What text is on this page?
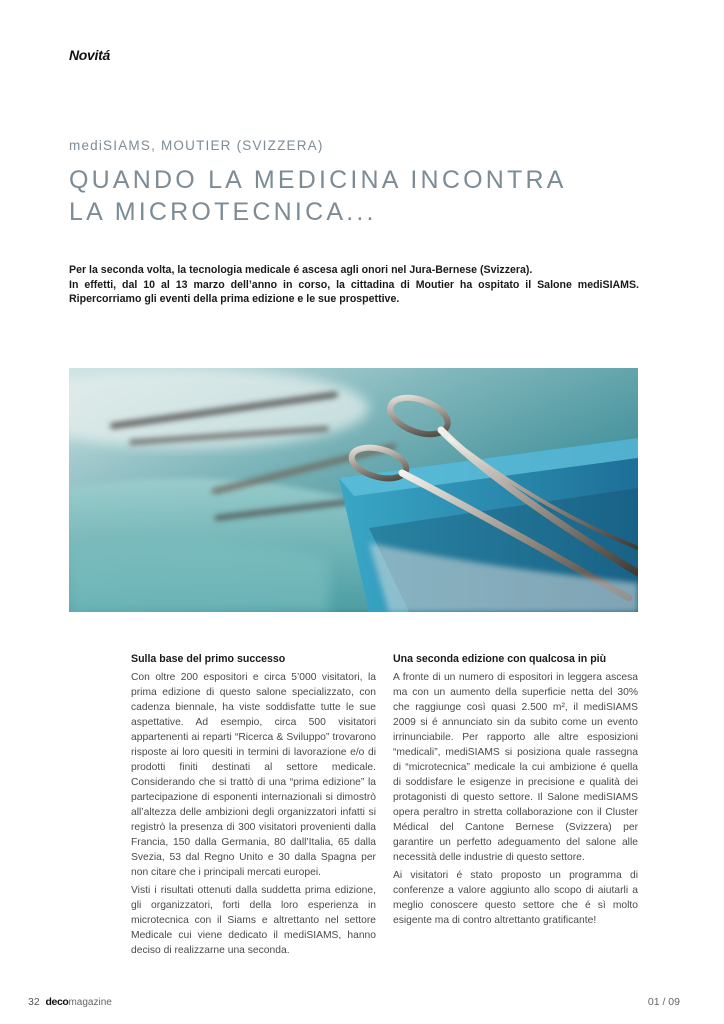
Novitá
mediSIAMS, MOUTIER (SVIZZERA)
QUANDO LA MEDICINA INCONTRA
LA MICROTECNICA...

Per la seconda volta, la tecnologia medicale é ascesa agli onori nel Jura-Bernese (Svizzera).

In effetti, dal 10 al 13 marzo dell’anno in corso, la cittadina di Moutier ha ospitato il Salone mediSIAMS. Ripercorriamo gli eventi della prima edizione e le sue prospettive.

Sulla base del primo successo

Con oltre 200 espositori e circa 5’000 visitatori, la prima edizione di questo salone specializzato, con cadenza biennale, ha viste soddisfatte tutte le sue aspettative. Ad esempio, circa 500 visitatori appartenenti ai reparti “Ricerca & Sviluppo” trovarono risposte ai loro quesiti in termini di lavorazione e/o di prodotti finiti destinati al settore medicale. Considerando che si trattò di una “prima edizione” la partecipazione di esponenti internazionali si dimostrò all’altezza delle ambizioni degli organizzatori infatti si registrò la presenza di 300 visitatori provenienti dalla Francia, 150 dalla Germania, 80 dall’Italia, 65 dalla Svezia, 53 dal Regno Unito e 30 dalla Spagna per non citare che i principali mercati europei.

Visti i risultati ottenuti dalla suddetta prima edizione, gli organizzatori, forti della loro esperienza in microtecnica con il Siams e altrettanto nel settore Medicale cui viene dedicato il mediSIAMS, hanno deciso di realizzarne una seconda.

Una seconda edizione con qualcosa in più

A fronte di un numero di espositori in leggera ascesa ma con un aumento della superficie netta del 30% che raggiunge così quasi 2.500 m², il mediSIAMS 2009 si é annunciato sin da subito come un evento irrinunciabile. Per rapporto alle altre esposizioni “medicali”, mediSIAMS si posiziona quale rassegna di “microtecnica” medicale la cui ambizione é quella di soddisfare le esigenze in precisione e qualità dei protagonisti di questo settore. Il Salone mediSIAMS opera peraltro in stretta collaborazione con il Cluster Médical del Cantone Bernese (Svizzera) per garantire un perfetto adeguamento del salone alle necessità delle industrie di questo settore.

Ai visitatori é stato proposto un programma di conferenze a valore aggiunto allo scopo di aiutarli a meglio conoscere questo settore che é sì molto esigente ma di contro altrettanto gratificante!

32 decomagazine	01 / 09
